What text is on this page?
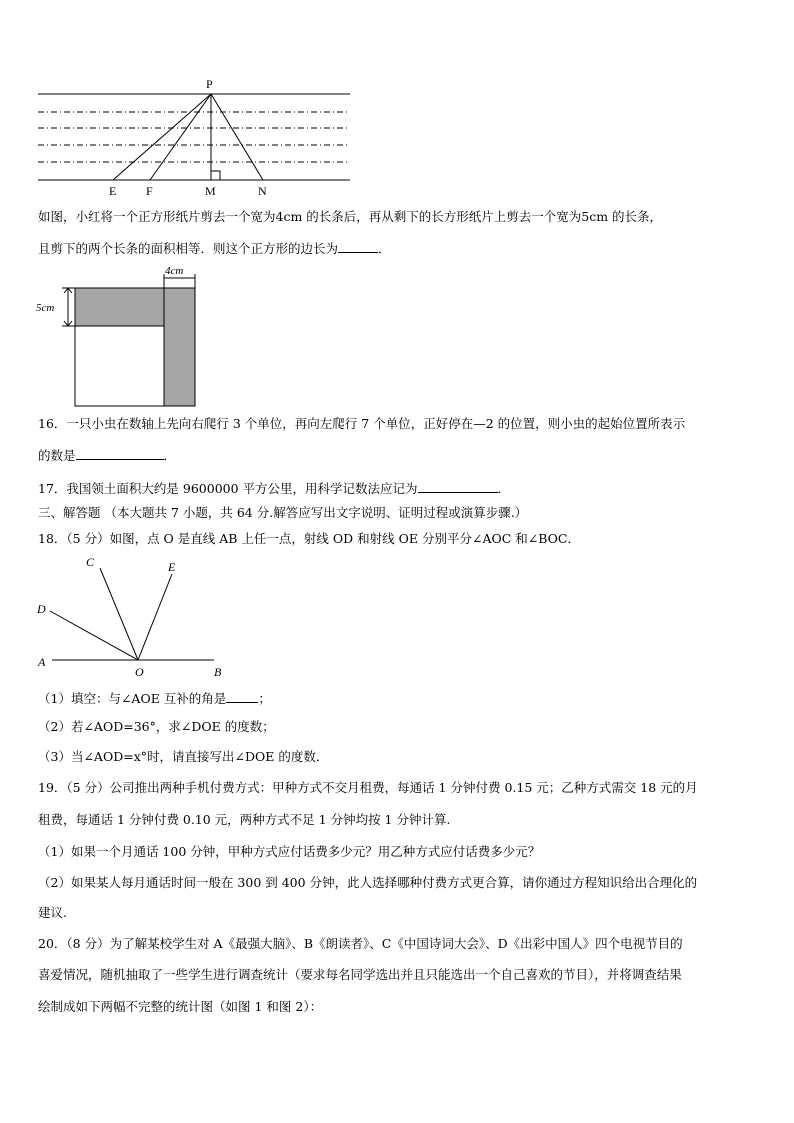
P
E F	M	N
如图，小红将一个正方形纸片剪去一个宽为4cm 的长条后，再从剩下的长方形纸片上剪去一个宽为5cm 的长条，
且剪下的两个长条的面积相等．则这个正方形的边长为	．
4cm
5cm
16．一只小虫在数轴上先向右爬行 3 个单位，再向左爬行 7 个单位，正好停在—2 的位置，则小虫的起始位置所表示
的数是	．
17．我国领土面积大约是 9600000 平方公里，用科学记数法应记为	．
三、解答题 （本大题共 7 小题，共 64 分.解答应写出文字说明、证明过程或演算步骤.）
18．（5 分）如图，点 O 是直线 AB 上任一点，射线 OD 和射线 OE 分别平分∠AOC 和∠BOC．
C	E
D
A
O	B
（1）填空：与∠AOE 互补的角是	；
（2）若∠AOD=36°，求∠DOE 的度数；
（3）当∠AOD=x°时，请直接写出∠DOE 的度数．
19．（5 分）公司推出两种手机付费方式：甲种方式不交月租费，每通话 1 分钟付费 0.15 元；乙种方式需交 18 元的月
租费，每通话 1 分钟付费 0.10 元，两种方式不足 1 分钟均按 1 分钟计算.
（1）如果一个月通话 100 分钟，甲种方式应付话费多少元？用乙种方式应付话费多少元？
（2）如果某人每月通话时间一般在 300 到 400 分钟，此人选择哪种付费方式更合算，请你通过方程知识给出合理化的
建议.
20．（8 分）为了解某校学生对 A《最强大脑》、B《朗读者》、C《中国诗词大会》、D《出彩中国人》四个电视节目的
喜爱情况，随机抽取了一些学生进行调查统计（要求每名同学选出并且只能选出一个自己喜欢的节目），并将调查结果
绘制成如下两幅不完整的统计图（如图 1 和图 2）：
